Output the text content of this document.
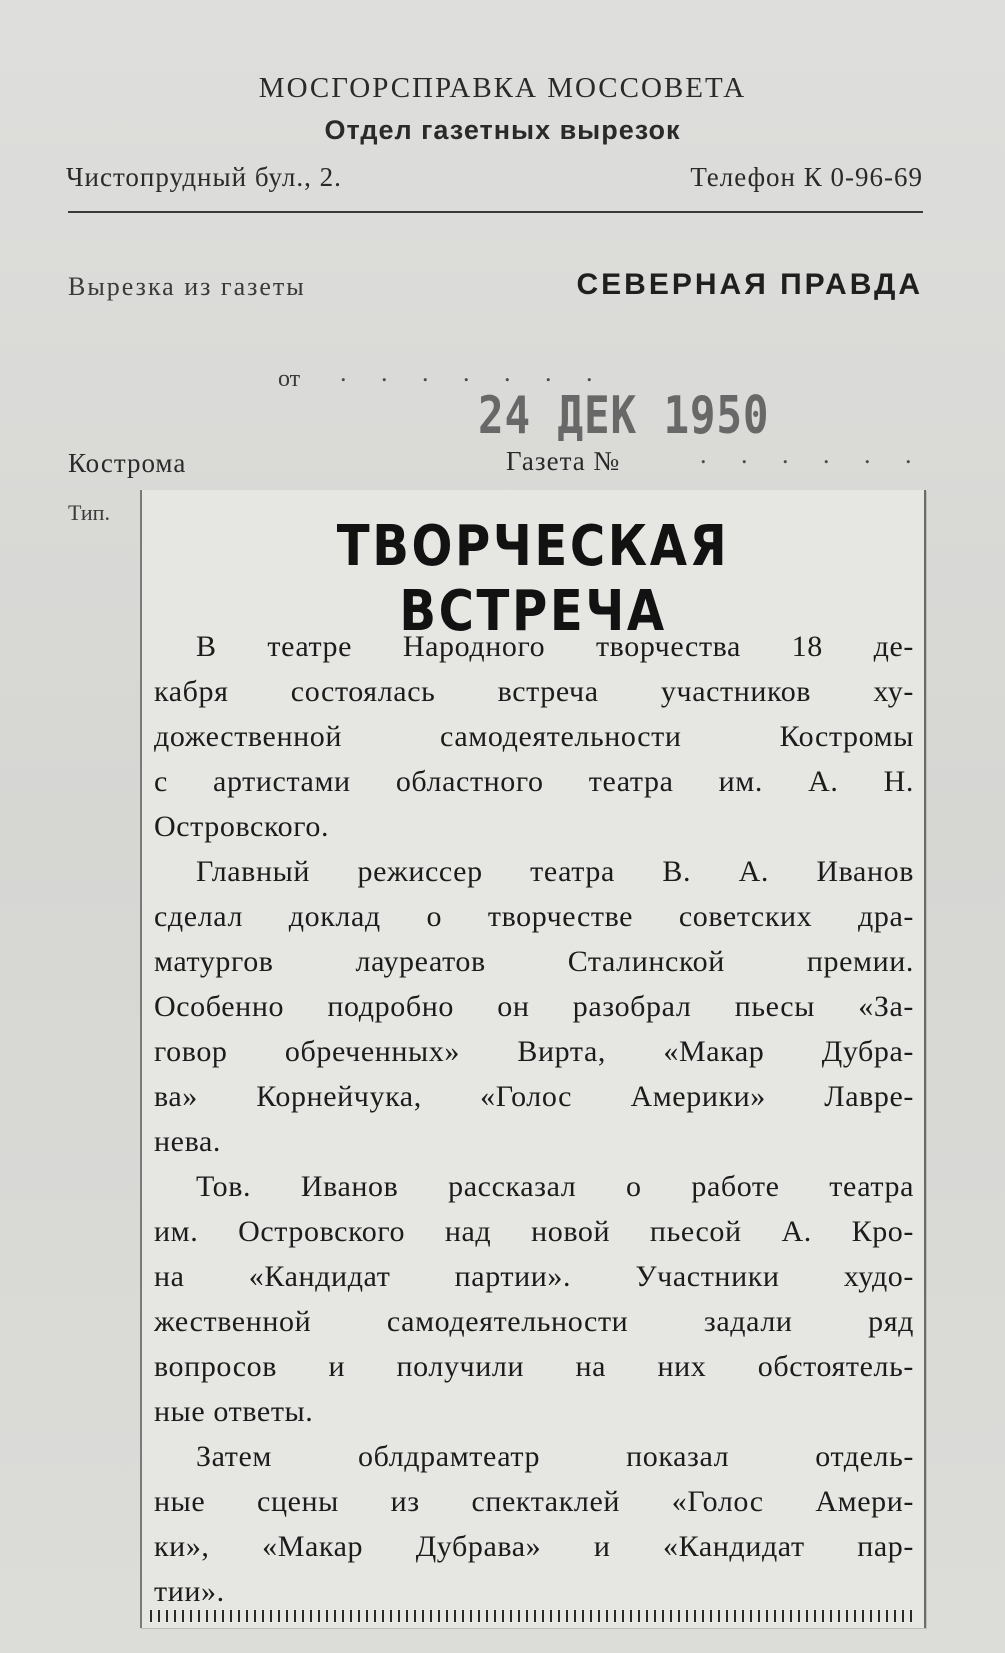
МОСГОРСПРАВКА МОССОВЕТА

Отдел газетных вырезок

Чистопрудный бул., 2.	Телефон К 0-96-69

Вырезка из газеты	СЕВЕРНАЯ ПРАВДА

от . . . . . . .

24 ДЕК 1950

Кострома	Газета №	. . . . . .

Тип.

ТВОРЧЕСКАЯ ВСТРЕЧА
В театре Народного творчества 18 де-
кабря состоялась встреча участников ху-
дожественной самодеятельности Костромы
с артистами областного театра им. А. Н.
Островского.
Главный режиссер театра В. А. Иванов
сделал доклад о творчестве советских дра-
матургов лауреатов Сталинской премии.
Особенно подробно он разобрал пьесы «За-
говор обреченных» Вирта, «Макар Дубра-
ва» Корнейчука, «Голос Америки» Лавре-
нева.
Тов. Иванов рассказал о работе театра
им. Островского над новой пьесой А. Кро-
на «Кандидат партии». Участники худо-
жественной самодеятельности задали ряд
вопросов и получили на них обстоятель-
ные ответы.
Затем облдрамтеатр показал отдель-
ные сцены из спектаклей «Голос Амери-
ки», «Макар Дубрава» и «Кандидат пар-
тии».
